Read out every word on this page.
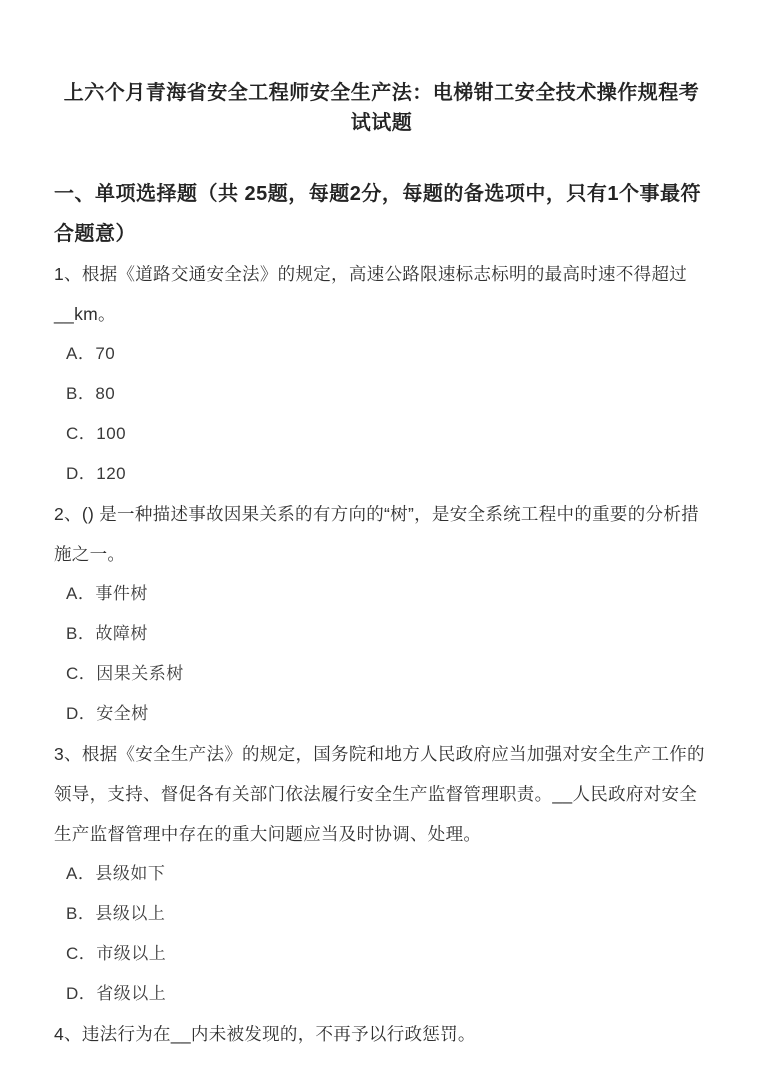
上六个月青海省安全工程师安全生产法：电梯钳工安全技术操作规程考试试题
一、单项选择题（共 25题，每题2分，每题的备选项中，只有1个事最符合题意）

1、根据《道路交通安全法》的规定，高速公路限速标志标明的最高时速不得超过__km。

A．70

B．80

C．100

D．120

2、() 是一种描述事故因果关系的有方向的“树”，是安全系统工程中的重要的分析措施之一。

A．事件树

B．故障树

C．因果关系树

D．安全树

3、根据《安全生产法》的规定，国务院和地方人民政府应当加强对安全生产工作的领导，支持、督促各有关部门依法履行安全生产监督管理职责。__人民政府对安全生产监督管理中存在的重大问题应当及时协调、处理。

A．县级如下

B．县级以上

C．市级以上

D．省级以上

4、违法行为在__内未被发现的，不再予以行政惩罚。
